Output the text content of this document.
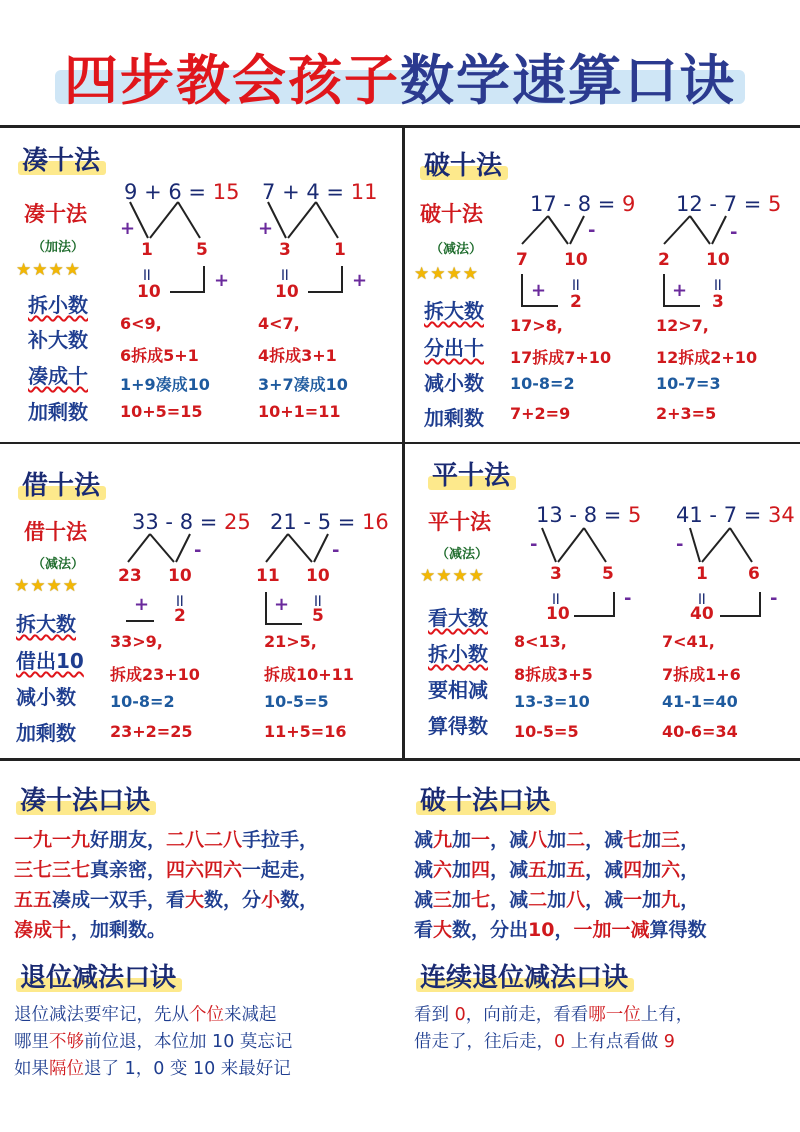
四步教会孩子数学速算口诀
凑十法
凑十法
（加法）
★★★★
拆小数
补大数
凑成十
加剩数
9 + 6 = 15
+
1	5
॥
10
+
6<9,
6拆成5+1
1+9凑成10
10+5=15
7 + 4 = 11
+
3	1
॥
10
+
4<7,
4拆成3+1
3+7凑成10
10+1=11
破十法
破十法
（减法）
★★★★
拆大数
分出十
减小数
加剩数
17 - 8 = 9
-
7 10
+ ॥
2
17>8,
17拆成7+10
10-8=2
7+2=9
12 - 7 = 5
-
2 10
+ ॥
3
12>7,
12拆成2+10
10-7=3
2+3=5
借十法
借十法
（减法）
★★★★
拆大数
借出10
减小数
加剩数
33 - 8 = 25
-
23 10
+ ॥
2
33>9,
拆成23+10
10-8=2
23+2=25
21 - 5 = 16
-
11 10
+ ॥
5
21>5,
拆成10+11
10-5=5
11+5=16
平十法
平十法
（减法）
★★★★
看大数
拆小数
要相减
算得数
13 - 8 = 5
-
3 5
॥
10
-
8<13,
8拆成3+5
13-3=10
10-5=5
41 - 7 = 34
-
1 6
॥
40
-
7<41,
7拆成1+6
41-1=40
40-6=34
凑十法口诀
一九一九好朋友，二八二八手拉手，
三七三七真亲密，四六四六一起走，
五五凑成一双手，看大数，分小数，
凑成十，加剩数。
破十法口诀
减九加一，减八加二，减七加三，
减六加四，减五加五，减四加六，
减三加七，减二加八，减一加九，
看大数，分出10，一加一减算得数
退位减法口诀
退位减法要牢记，先从个位来减起
哪里不够前位退，本位加 10 莫忘记
如果隔位退了 1，0 变 10 来最好记
连续退位减法口诀
看到 0，向前走，看看哪一位上有，
借走了，往后走，0 上有点看做 9
